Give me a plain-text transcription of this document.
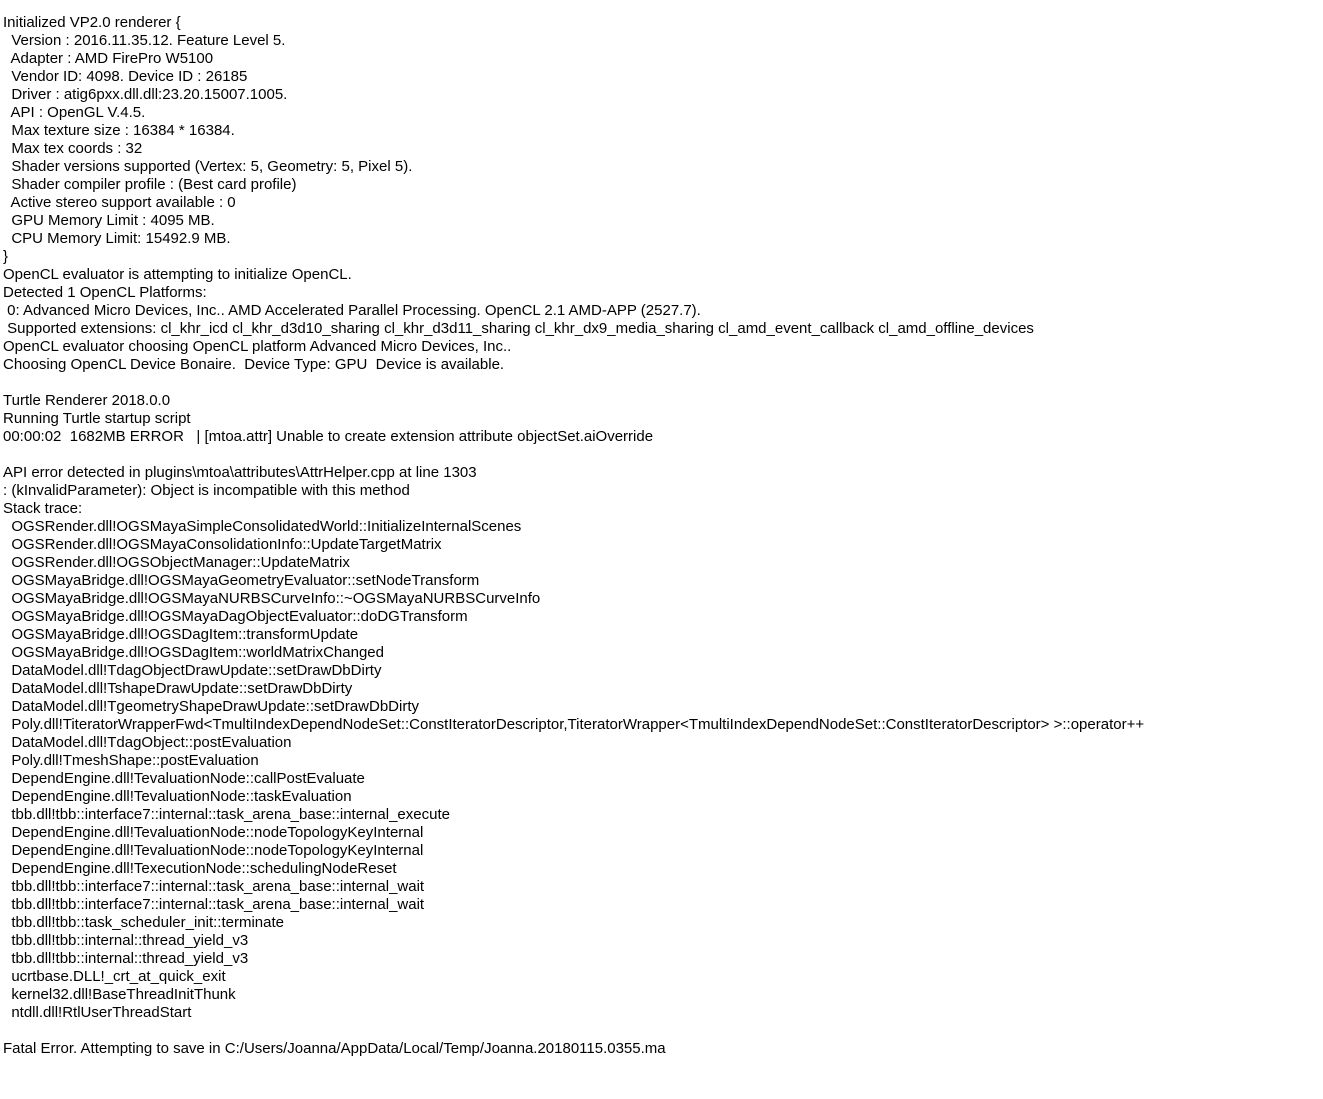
Initialized VP2.0 renderer {
Version : 2016.11.35.12. Feature Level 5.
Adapter : AMD FirePro W5100
Vendor ID: 4098. Device ID : 26185
Driver : atig6pxx.dll.dll:23.20.15007.1005.
API : OpenGL V.4.5.
Max texture size : 16384 * 16384.
Max tex coords : 32
Shader versions supported (Vertex: 5, Geometry: 5, Pixel 5).
Shader compiler profile : (Best card profile)
Active stereo support available : 0
GPU Memory Limit : 4095 MB.
CPU Memory Limit: 15492.9 MB.
}
OpenCL evaluator is attempting to initialize OpenCL.
Detected 1 OpenCL Platforms:
0: Advanced Micro Devices, Inc.. AMD Accelerated Parallel Processing. OpenCL 2.1 AMD-APP (2527.7).
Supported extensions: cl_khr_icd cl_khr_d3d10_sharing cl_khr_d3d11_sharing cl_khr_dx9_media_sharing cl_amd_event_callback cl_amd_offline_devices
OpenCL evaluator choosing OpenCL platform Advanced Micro Devices, Inc..
Choosing OpenCL Device Bonaire.  Device Type: GPU  Device is available.
Turtle Renderer 2018.0.0
Running Turtle startup script
00:00:02  1682MB ERROR   | [mtoa.attr] Unable to create extension attribute objectSet.aiOverride
API error detected in plugins\mtoa\attributes\AttrHelper.cpp at line 1303
: (kInvalidParameter): Object is incompatible with this method
Stack trace:
OGSRender.dll!OGSMayaSimpleConsolidatedWorld::InitializeInternalScenes
OGSRender.dll!OGSMayaConsolidationInfo::UpdateTargetMatrix
OGSRender.dll!OGSObjectManager::UpdateMatrix
OGSMayaBridge.dll!OGSMayaGeometryEvaluator::setNodeTransform
OGSMayaBridge.dll!OGSMayaNURBSCurveInfo::~OGSMayaNURBSCurveInfo
OGSMayaBridge.dll!OGSMayaDagObjectEvaluator::doDGTransform
OGSMayaBridge.dll!OGSDagItem::transformUpdate
OGSMayaBridge.dll!OGSDagItem::worldMatrixChanged
DataModel.dll!TdagObjectDrawUpdate::setDrawDbDirty
DataModel.dll!TshapeDrawUpdate::setDrawDbDirty
DataModel.dll!TgeometryShapeDrawUpdate::setDrawDbDirty
Poly.dll!TiteratorWrapperFwd<TmultiIndexDependNodeSet::ConstIteratorDescriptor,TiteratorWrapper<TmultiIndexDependNodeSet::ConstIteratorDescriptor> >::operator++
DataModel.dll!TdagObject::postEvaluation
Poly.dll!TmeshShape::postEvaluation
DependEngine.dll!TevaluationNode::callPostEvaluate
DependEngine.dll!TevaluationNode::taskEvaluation
tbb.dll!tbb::interface7::internal::task_arena_base::internal_execute
DependEngine.dll!TevaluationNode::nodeTopologyKeyInternal
DependEngine.dll!TevaluationNode::nodeTopologyKeyInternal
DependEngine.dll!TexecutionNode::schedulingNodeReset
tbb.dll!tbb::interface7::internal::task_arena_base::internal_wait
tbb.dll!tbb::interface7::internal::task_arena_base::internal_wait
tbb.dll!tbb::task_scheduler_init::terminate
tbb.dll!tbb::internal::thread_yield_v3
tbb.dll!tbb::internal::thread_yield_v3
ucrtbase.DLL!_crt_at_quick_exit
kernel32.dll!BaseThreadInitThunk
ntdll.dll!RtlUserThreadStart
Fatal Error. Attempting to save in C:/Users/Joanna/AppData/Local/Temp/Joanna.20180115.0355.ma
